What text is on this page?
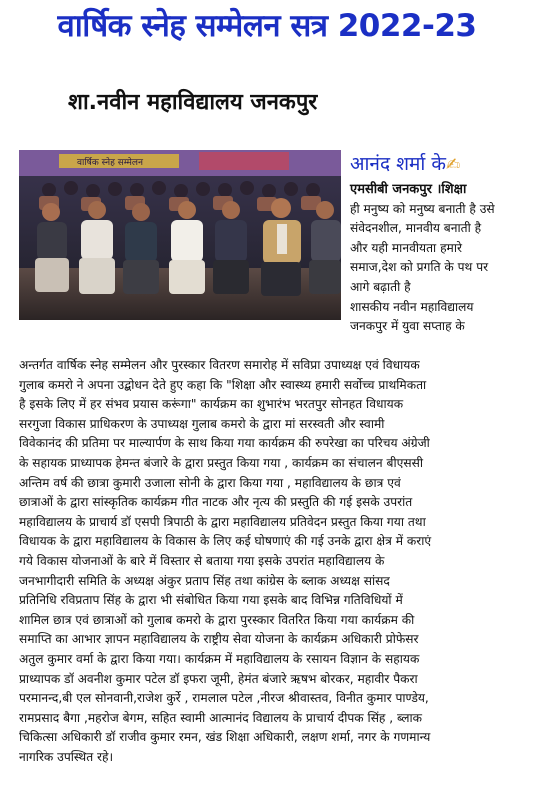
वार्षिक स्नेह सम्मेलन सत्र 2022-23
शा.नवीन महाविद्यालय जनकपुर
वार्षिक स्नेह सम्मेलन	आनंद शर्मा के✍
एमसीबी जनकपुर ।शिक्षा
ही मनुष्य को मनुष्य बनाती है उसे
संवेदनशील, मानवीय बनाती है
और यही मानवीयता हमारे
समाज,देश को प्रगति के पथ पर
आगे बढ़ाती है
शासकीय नवीन महाविद्यालय
जनकपुर में युवा सप्ताह के
अन्तर्गत वार्षिक स्नेह सम्मेलन और पुरस्कार वितरण समारोह में सविप्रा उपाध्यक्ष एवं विधायक
गुलाब कमरो ने अपना उद्बोधन देते हुए कहा कि "शिक्षा और स्वास्थ्य हमारी सर्वोच्च प्राथमिकता
है इसके लिए में हर संभव प्रयास करूंगा" कार्यक्रम का शुभारंभ भरतपुर सोनहत विधायक
सरगुजा विकास प्राधिकरण के उपाध्यक्ष गुलाब कमरो के द्वारा मां सरस्वती और स्वामी
विवेकानंद की प्रतिमा पर माल्यार्पण के साथ किया गया कार्यक्रम की रुपरेखा का परिचय अंग्रेजी
के सहायक प्राध्यापक हेमन्त बंजारे के द्वारा प्रस्तुत किया गया , कार्यक्रम का संचालन बीएससी
अन्तिम वर्ष की छात्रा कुमारी उजाला सोनी के द्वारा किया गया , महाविद्यालय के छात्र एवं
छात्राओं के द्वारा सांस्कृतिक कार्यक्रम गीत नाटक और नृत्य की प्रस्तुति की गई इसके उपरांत
महाविद्यालय के प्राचार्य डॉ एसपी त्रिपाठी के द्वारा महाविद्यालय प्रतिवेदन प्रस्तुत किया गया तथा
विधायक के द्वारा महाविद्यालय के विकास के लिए कई घोषणाएं की गई उनके द्वारा क्षेत्र में कराएं
गये विकास योजनाओं के बारे में विस्तार से बताया गया इसके उपरांत महाविद्यालय के
जनभागीदारी समिति के अध्यक्ष अंकुर प्रताप सिंह तथा कांग्रेस के ब्लाक अध्यक्ष सांसद
प्रतिनिधि रविप्रताप सिंह के द्वारा भी संबोधित किया गया इसके बाद विभिन्न गतिविधियों में
शामिल छात्र एवं छात्राओं को गुलाब कमरो के द्वारा पुरस्कार वितरित किया गया कार्यक्रम की
समाप्ति का आभार ज्ञापन महाविद्यालय के राष्ट्रीय सेवा योजना के कार्यक्रम अधिकारी प्रोफेसर
अतुल कुमार वर्मा के द्वारा किया गया। कार्यक्रम में महाविद्यालय के रसायन विज्ञान के सहायक
प्राध्यापक डॉ अवनीश कुमार पटेल डॉ इफरा जूमी, हेमंत बंजारे ऋषभ बोरकर, महावीर पैकरा
परमानन्द,बी एल सोनवानी,राजेश कुर्रे , रामलाल पटेल ,नीरज श्रीवास्तव, विनीत कुमार पाण्डेय,
रामप्रसाद बैगा ,महरोज बेगम, सहित स्वामी आत्मानंद विद्यालय के प्राचार्य दीपक सिंह , ब्लाक
चिकित्सा अधिकारी डॉ राजीव कुमार रमन, खंड शिक्षा अधिकारी, लक्षण शर्मा, नगर के गणमान्य
नागरिक उपस्थित रहे।
